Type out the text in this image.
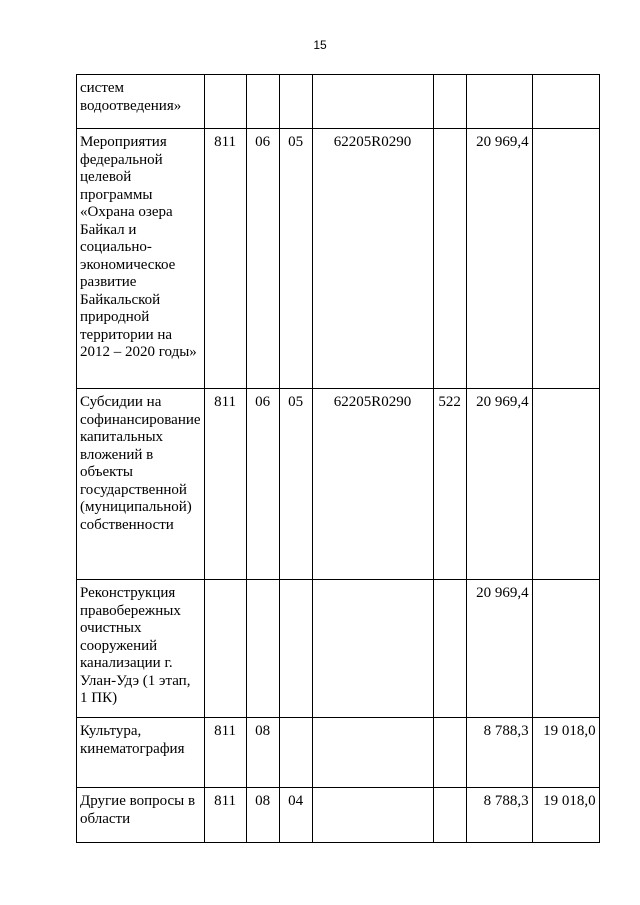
15
систем водоотведения»							

Мероприятия федеральной целевой программы «Охрана озера Байкал и социально-экономическое развитие Байкальской природной территории на 2012 – 2020 годы»	811	06	05	62205R0290		20 969,4	

Субсидии на софинансирование капитальных вложений в объекты государственной (муниципальной) собственности	811	06	05	62205R0290	522	20 969,4	

Реконструкция правобережных очистных сооружений канализации г. Улан-Удэ (1 этап, 1 ПК)						20 969,4	

Культура, кинематография	811	08				8 788,3	19 018,0

Другие вопросы в области	811	08	04			8 788,3	19 018,0
